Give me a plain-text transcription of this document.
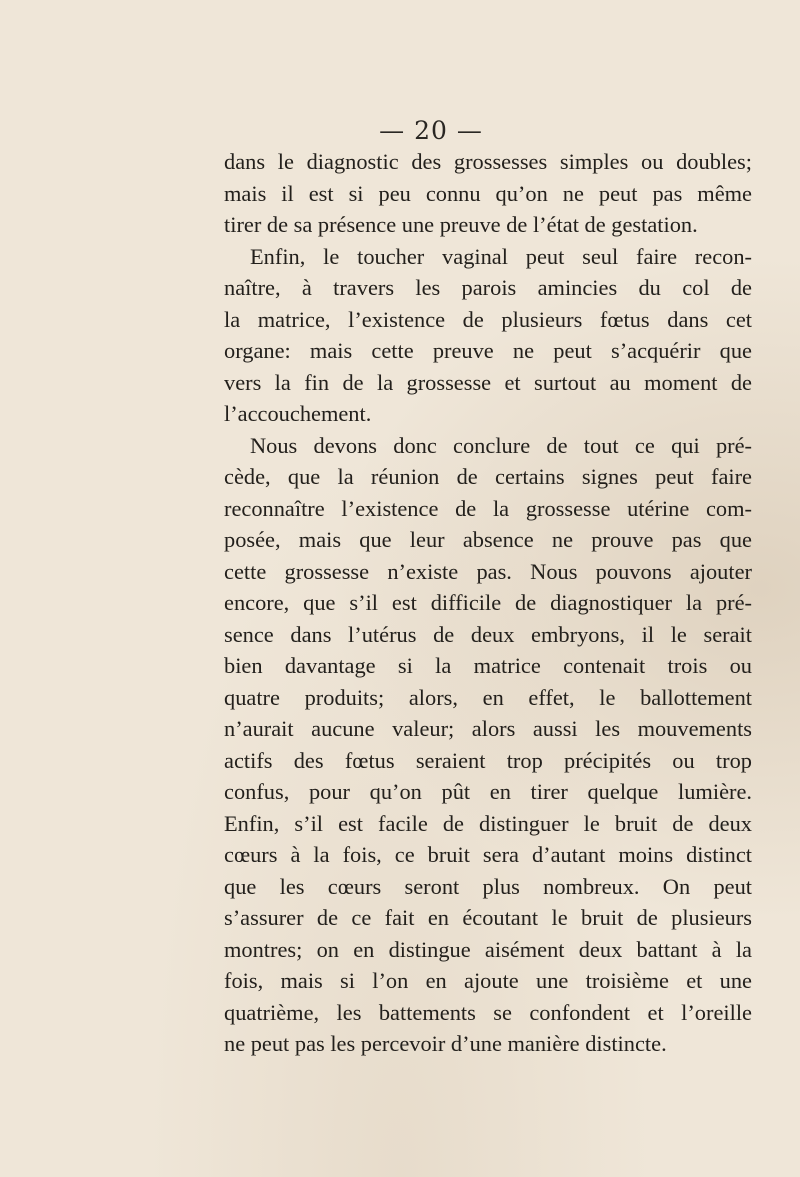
— 20 —
dans le diagnostic des grossesses simples ou doubles;
mais il est si peu connu qu’on ne peut pas même
tirer de sa présence une preuve de l’état de gestation.
Enfin, le toucher vaginal peut seul faire recon-
naître, à travers les parois amincies du col de
la matrice, l’existence de plusieurs fœtus dans cet
organe: mais cette preuve ne peut s’acquérir que
vers la fin de la grossesse et surtout au moment de
l’accouchement.
Nous devons donc conclure de tout ce qui pré-
cède, que la réunion de certains signes peut faire
reconnaître l’existence de la grossesse utérine com-
posée, mais que leur absence ne prouve pas que
cette grossesse n’existe pas. Nous pouvons ajouter
encore, que s’il est difficile de diagnostiquer la pré-
sence dans l’utérus de deux embryons, il le serait
bien davantage si la matrice contenait trois ou
quatre produits; alors, en effet, le ballottement
n’aurait aucune valeur; alors aussi les mouvements
actifs des fœtus seraient trop précipités ou trop
confus, pour qu’on pût en tirer quelque lumière.
Enfin, s’il est facile de distinguer le bruit de deux
cœurs à la fois, ce bruit sera d’autant moins distinct
que les cœurs seront plus nombreux. On peut
s’assurer de ce fait en écoutant le bruit de plusieurs
montres; on en distingue aisément deux battant à la
fois, mais si l’on en ajoute une troisième et une
quatrième, les battements se confondent et l’oreille
ne peut pas les percevoir d’une manière distincte.
